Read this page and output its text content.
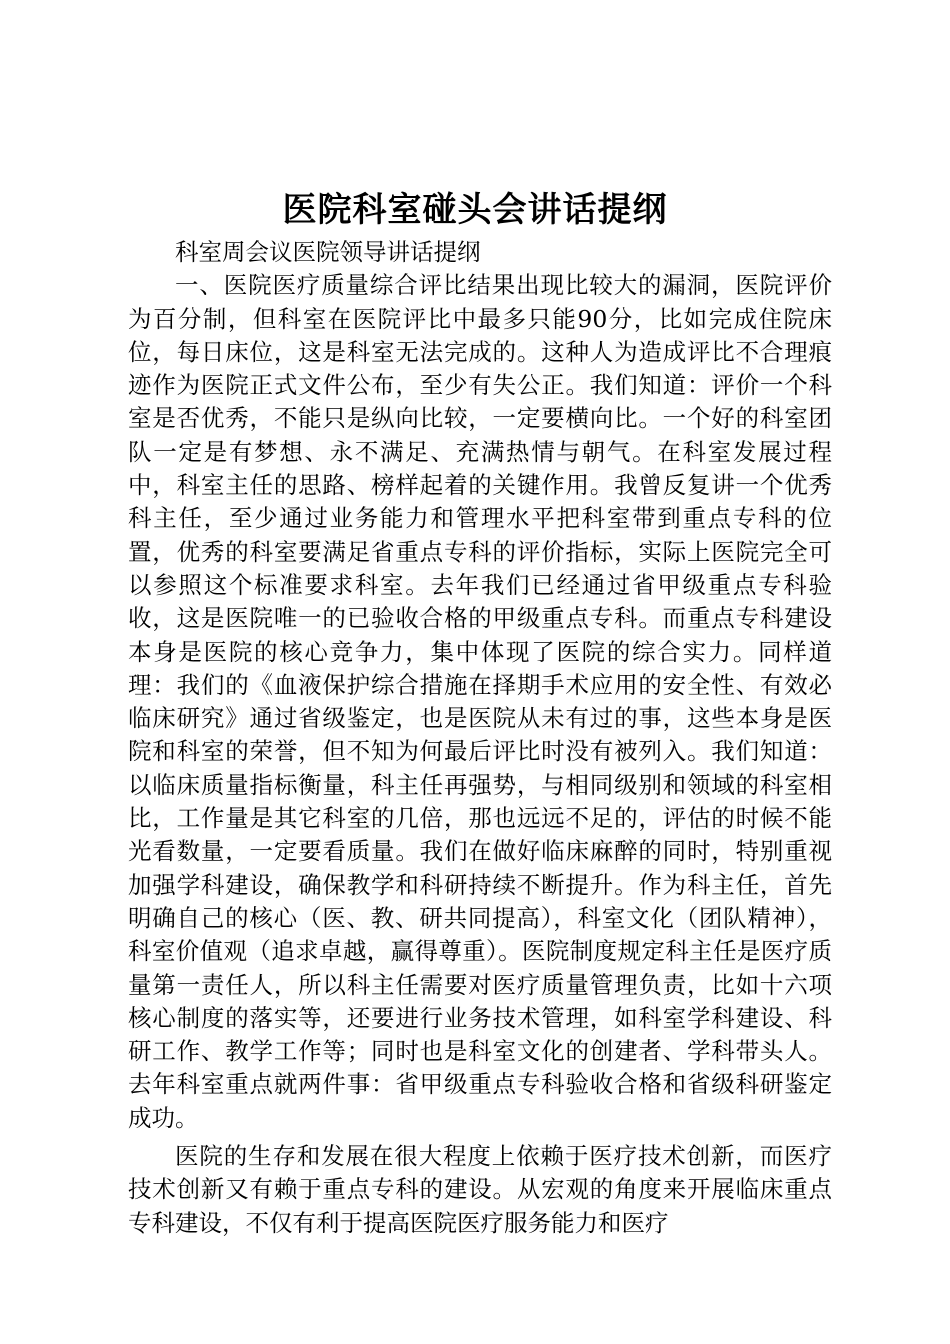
医院科室碰头会讲话提纲

科室周会议医院领导讲话提纲

一、医院医疗质量综合评比结果出现比较大的漏洞，医院评价为百分制，但科室在医院评比中最多只能90分，比如完成住院床位，每日床位，这是科室无法完成的。这种人为造成评比不合理痕迹作为医院正式文件公布，至少有失公正。我们知道：评价一个科室是否优秀，不能只是纵向比较，一定要横向比。一个好的科室团队一定是有梦想、永不满足、充满热情与朝气。在科室发展过程中，科室主任的思路、榜样起着的关键作用。我曾反复讲一个优秀科主任，至少通过业务能力和管理水平把科室带到重点专科的位置，优秀的科室要满足省重点专科的评价指标，实际上医院完全可以参照这个标准要求科室。去年我们已经通过省甲级重点专科验收，这是医院唯一的已验收合格的甲级重点专科。而重点专科建设本身是医院的核心竞争力，集中体现了医院的综合实力。同样道理：我们的《血液保护综合措施在择期手术应用的安全性、有效必临床研究》通过省级鉴定，也是医院从未有过的事，这些本身是医院和科室的荣誉，但不知为何最后评比时没有被列入。我们知道：以临床质量指标衡量，科主任再强势，与相同级别和领域的科室相比，工作量是其它科室的几倍，那也远远不足的，评估的时候不能光看数量，一定要看质量。我们在做好临床麻醉的同时，特别重视加强学科建设，确保教学和科研持续不断提升。作为科主任，首先明确自己的核心（医、教、研共同提高），科室文化（团队精神），科室价值观（追求卓越，赢得尊重）。医院制度规定科主任是医疗质量第一责任人，所以科主任需要对医疗质量管理负责，比如十六项核心制度的落实等，还要进行业务技术管理，如科室学科建设、科研工作、教学工作等；同时也是科室文化的创建者、学科带头人。去年科室重点就两件事：省甲级重点专科验收合格和省级科研鉴定成功。

医院的生存和发展在很大程度上依赖于医疗技术创新，而医疗技术创新又有赖于重点专科的建设。从宏观的角度来开展临床重点专科建设，不仅有利于提高医院医疗服务能力和医疗
